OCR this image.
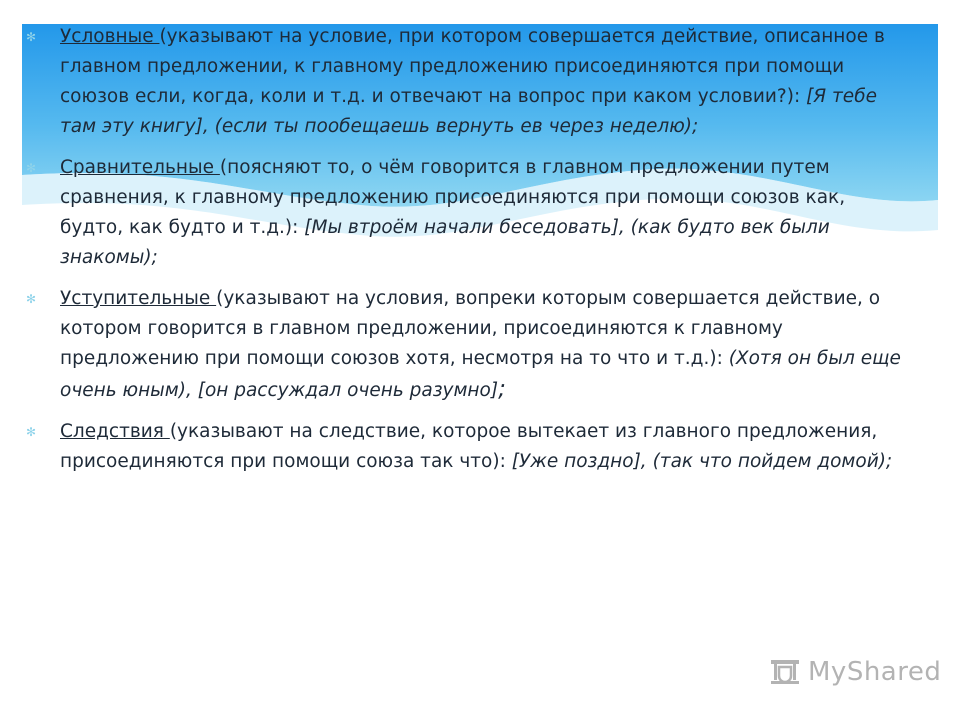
✻ Условные (указывают на условие, при котором совершается действие, описанное в главном предложении, к главному предложению присоединяются при помощи союзов если, когда, коли и т.д. и отвечают на вопрос при каком условии?): [Я тебе там эту книгу], (если ты пообещаешь вернуть ев через неделю);
✻ Сравнительные (поясняют то, о чём говорится в главном предложении путем сравнения, к главному предложению присоединяются при помощи союзов как, будто, как будто и т.д.): [Мы втроём начали беседовать], (как будто век были знакомы);
✻ Уступительные (указывают на условия, вопреки которым совершается действие, о котором говорится в главном предложении, присоединяются к главному предложению при помощи союзов хотя, несмотря на то что и т.д.): (Хотя он был еще очень юным), [он рассуждал очень разумно];
✻ Следствия (указывают на следствие, которое вытекает из главного предложения, присоединяются при помощи союза так что): [Уже поздно], (так что пойдем домой);
MyShared
